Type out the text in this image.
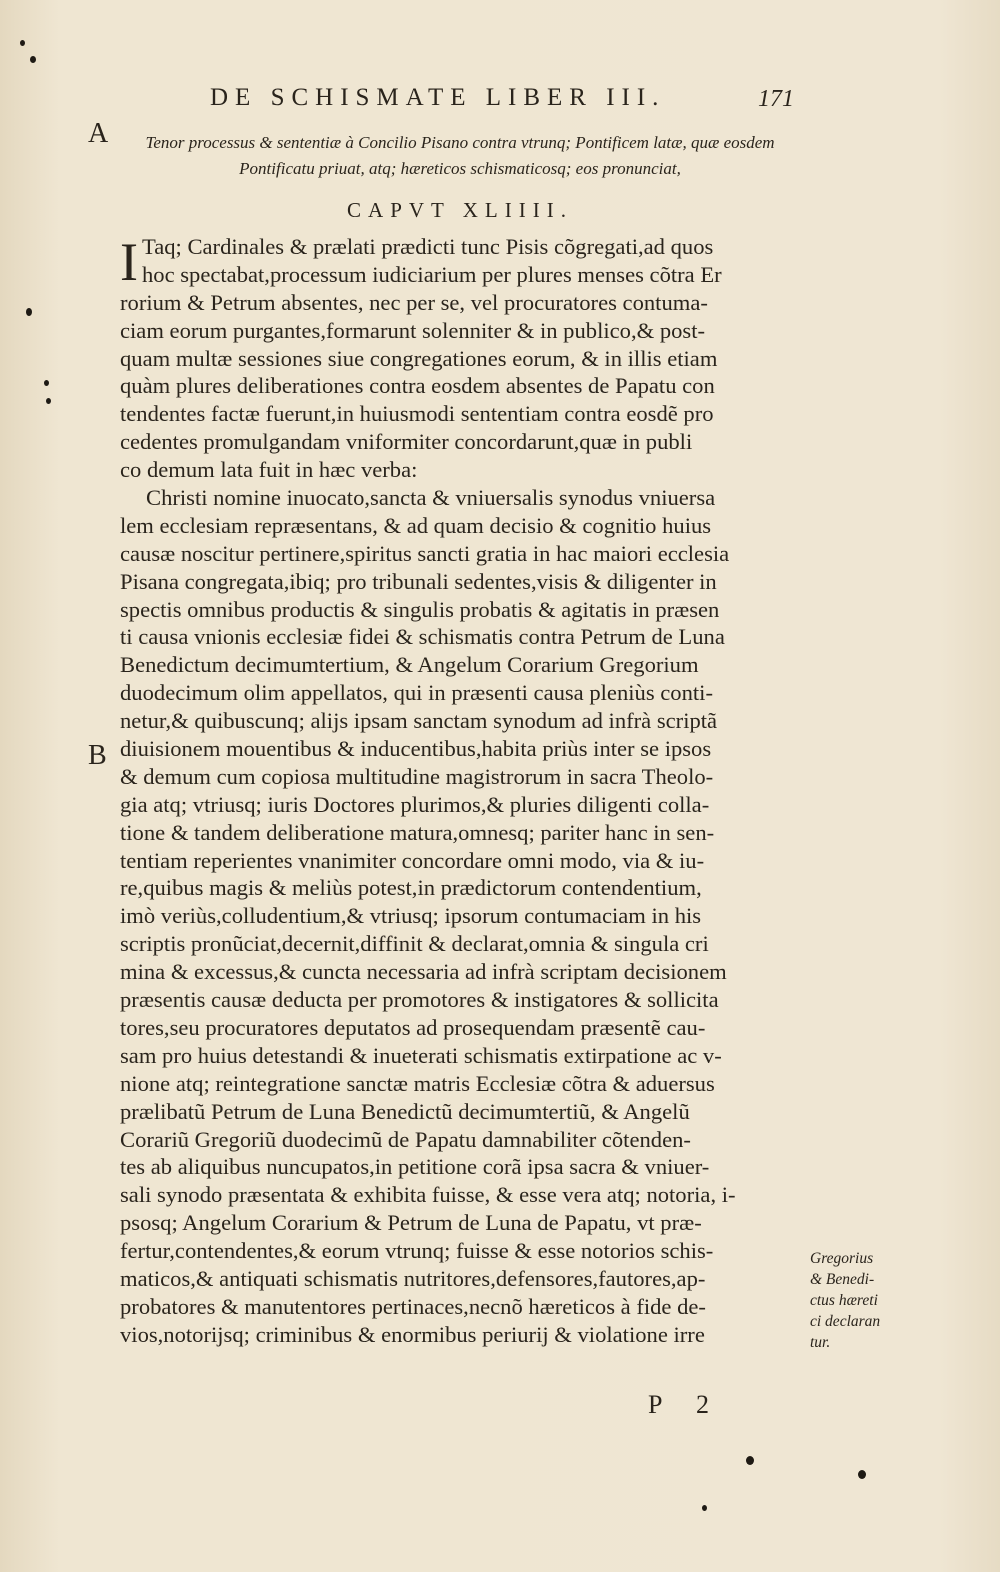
DE SCHISMATE LIBER III.	171
A
B
Tenor processus & sententiæ à Concilio Pisano contra vtrunq; Pontificem latæ, quæ eosdem Pontificatu priuat, atq; hæreticos schismaticosq; eos pronunciat,
CAPVT XLIIII.
I Taq; Cardinales & prælati prædicti tunc Pisis cõgregati,ad quos
hoc spectabat,processum iudiciarium per plures menses cõtra Er
rorium & Petrum absentes, nec per se, vel procuratores contuma-
ciam eorum purgantes,formarunt solenniter & in publico,& post-
quam multæ sessiones siue congregationes eorum, & in illis etiam
quàm plures deliberationes contra eosdem absentes de Papatu con
tendentes factæ fuerunt,in huiusmodi sententiam contra eosdẽ pro
cedentes promulgandam vniformiter concordarunt,quæ in publi
co demum lata fuit in hæc verba:
Christi nomine inuocato,sancta & vniuersalis synodus vniuersa
lem ecclesiam repræsentans, & ad quam decisio & cognitio huius
causæ noscitur pertinere,spiritus sancti gratia in hac maiori ecclesia
Pisana congregata,ibiq; pro tribunali sedentes,visis & diligenter in
spectis omnibus productis & singulis probatis & agitatis in præsen
ti causa vnionis ecclesiæ fidei & schismatis contra Petrum de Luna
Benedictum decimumtertium, & Angelum Corarium Gregorium
duodecimum olim appellatos, qui in præsenti causa pleniùs conti-
netur,& quibuscunq; alijs ipsam sanctam synodum ad infrà scriptã
diuisionem mouentibus & inducentibus,habita priùs inter se ipsos
& demum cum copiosa multitudine magistrorum in sacra Theolo-
gia atq; vtriusq; iuris Doctores plurimos,& pluries diligenti colla-
tione & tandem deliberatione matura,omnesq; pariter hanc in sen-
tentiam reperientes vnanimiter concordare omni modo, via & iu-
re,quibus magis & meliùs potest,in prædictorum contendentium,
imò veriùs,colludentium,& vtriusq; ipsorum contumaciam in his
scriptis pronũciat,decernit,diffinit & declarat,omnia & singula cri
mina & excessus,& cuncta necessaria ad infrà scriptam decisionem
præsentis causæ deducta per promotores & instigatores & sollicita
tores,seu procuratores deputatos ad prosequendam præsentẽ cau-
sam pro huius detestandi & inueterati schismatis extirpatione ac v-
nione atq; reintegratione sanctæ matris Ecclesiæ cõtra & aduersus
prælibatũ Petrum de Luna Benedictũ decimumtertiũ, & Angelũ
Corariũ Gregoriũ duodecimũ de Papatu damnabiliter cõtenden-
tes ab aliquibus nuncupatos,in petitione corã ipsa sacra & vniuer-
sali synodo præsentata & exhibita fuisse, & esse vera atq; notoria, i-
psosq; Angelum Corarium & Petrum de Luna de Papatu, vt præ-
fertur,contendentes,& eorum vtrunq; fuisse & esse notorios schis-
maticos,& antiquati schismatis nutritores,defensores,fautores,ap-
probatores & manutentores pertinaces,necnõ hæreticos à fide de-
vios,notorijsq; criminibus & enormibus periurij & violatione irre
Gregorius
& Benedi-
ctus hæreti
ci declaran
tur.
P 2
